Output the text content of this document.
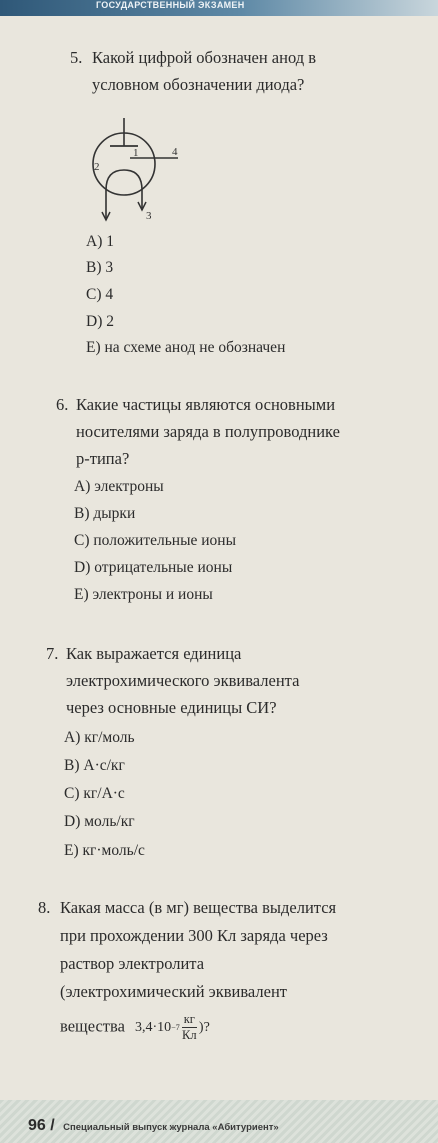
ГОСУДАРСТВЕННЫЙ ЭКЗАМЕН
5. Какой цифрой обозначен анод в
условном обозначении диода?
1
2
3
4
A) 1
B) 3
C) 4
D) 2
E) на схеме анод не обозначен
6. Какие частицы являются основными
носителями заряда в полупроводнике
p-типа?
A) электроны
B) дырки
C) положительные ионы
D) отрицательные ионы
E) электроны и ионы
7. Как выражается единица
электрохимического эквивалента
через основные единицы СИ?
A) кг/моль
B) А·с/кг
C) кг/А·с
D) моль/кг
E) кг·моль/с
8. Какая масса (в мг) вещества выделится
при прохождении 300 Кл заряда через
раствор электролита
(электрохимический эквивалент
вещества $3,4\cdot 10 -7 \frac{кг}{Кл}$ )?
96 / Специальный выпуск журнала «Абитуриент»
